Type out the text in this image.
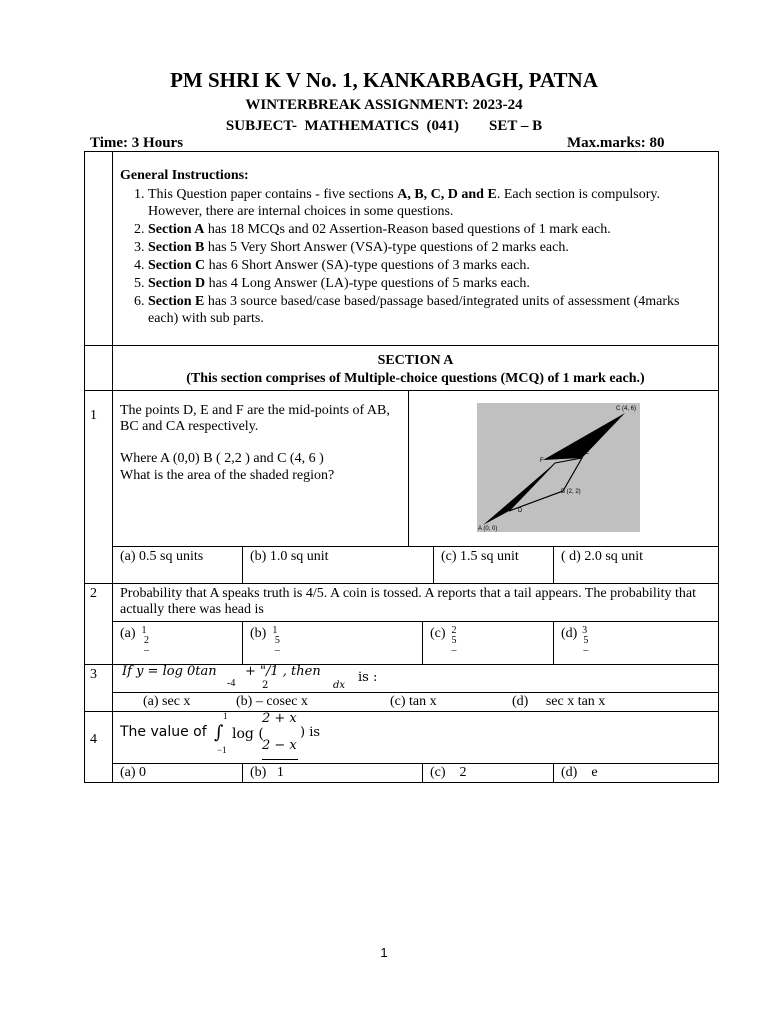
PM SHRI K V No. 1, KANKARBAGH, PATNA
WINTERBREAK ASSIGNMENT: 2023-24
SUBJECT-  MATHEMATICS  (041)        SET – B
Time: 3 Hours	Max.marks: 80
General Instructions:
1. This Question paper contains - five sections A, B, C, D and E. Each section is compulsory. However, there are internal choices in some questions.
2. Section A has 18 MCQs and 02 Assertion-Reason based questions of 1 mark each.
3. Section B has 5 Very Short Answer (VSA)-type questions of 2 marks each.
4. Section C has 6 Short Answer (SA)-type questions of 3 marks each.
5. Section D has 4 Long Answer (LA)-type questions of 5 marks each.
6. Section E has 3 source based/case based/passage based/integrated units of assessment (4marks each) with sub parts.
SECTION A
(This section comprises of Multiple-choice questions (MCQ) of 1 mark each.)
1 The points D, E and F are the mid-points of AB, BC and CA respectively.
Where A (0,0) B ( 2,2 ) and C (4, 6 )
What is the area of the shaded region?
C (4, 6)
E
F
B (2, 2)
D
A (0, 0)
(a) 0.5 sq units	(b) 1.0 sq unit	(c) 1.5 sq unit	( d) 2.0 sq unit
2 Probability that A speaks truth is 4/5. A coin is tossed. A reports that a tail appears. The probability that actually there was head is
(a) 1
2
–
(b) 1
5
–
(c) 2
5
–
(d) 3
5
–
3 If y = log 0tan
-4
+ "/1 , then
2	dx
is :
(a) sec x	(b) – cosec x	(c) tan x	(d)     sec x tan x
4 The value of ∫
1
−1
log (
2 + x
2 − x
) is
(a) 0	(b)   1	(c)    2	(d)    e
1
